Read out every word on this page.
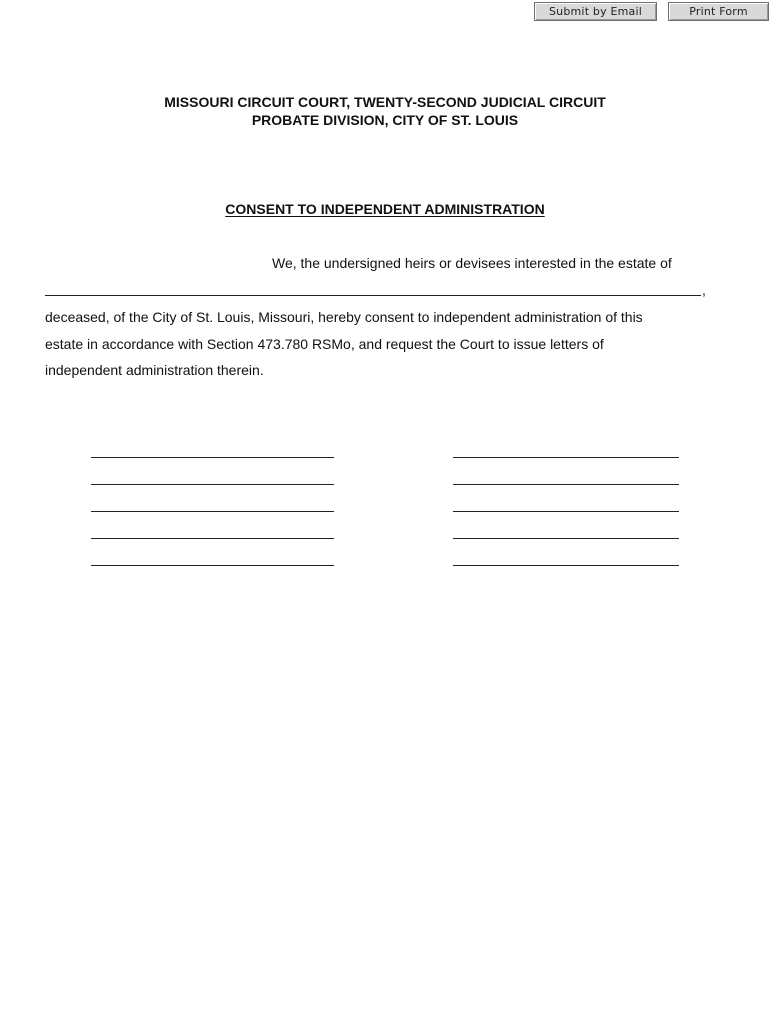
Submit by Email	Print Form
MISSOURI CIRCUIT COURT, TWENTY-SECOND JUDICIAL CIRCUIT
PROBATE DIVISION, CITY OF ST. LOUIS
CONSENT TO INDEPENDENT ADMINISTRATION
We, the undersigned heirs or devisees interested in the estate of
,
deceased, of the City of St. Louis, Missouri, hereby consent to independent administration of this
estate in accordance with Section 473.780 RSMo, and request the Court to issue letters of
independent administration therein.
